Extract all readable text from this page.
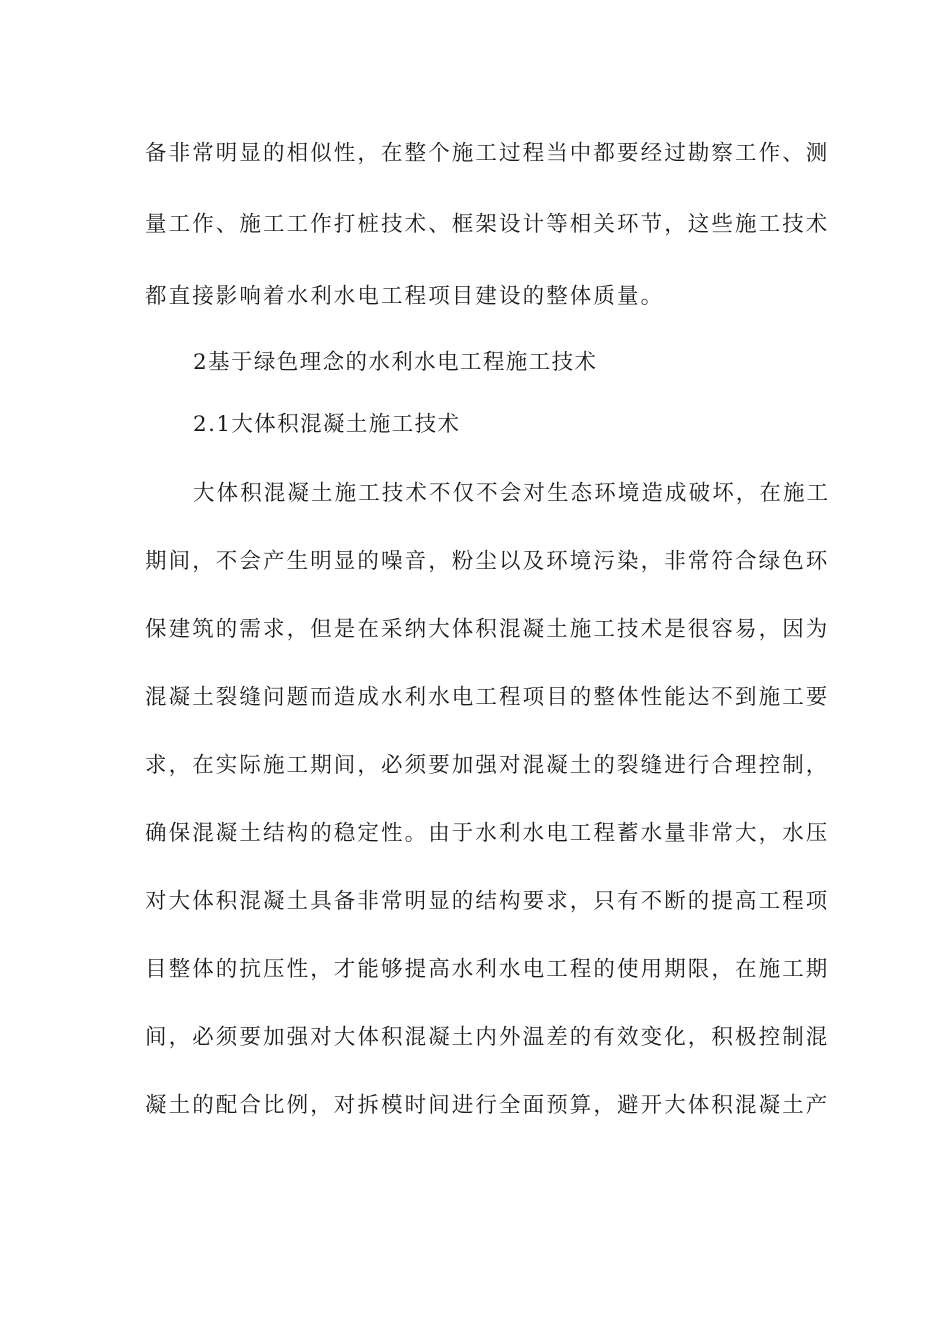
备非常明显的相似性，在整个施工过程当中都要经过勘察工作、测
量工作、施工工作打桩技术、框架设计等相关环节，这些施工技术
都直接影响着水利水电工程项目建设的整体质量。
2基于绿色理念的水利水电工程施工技术
2.1大体积混凝土施工技术
大体积混凝土施工技术不仅不会对生态环境造成破坏，在施工
期间，不会产生明显的噪音，粉尘以及环境污染，非常符合绿色环
保建筑的需求，但是在采纳大体积混凝土施工技术是很容易，因为
混凝土裂缝问题而造成水利水电工程项目的整体性能达不到施工要
求，在实际施工期间，必须要加强对混凝土的裂缝进行合理控制，
确保混凝土结构的稳定性。由于水利水电工程蓄水量非常大，水压
对大体积混凝土具备非常明显的结构要求，只有不断的提高工程项
目整体的抗压性，才能够提高水利水电工程的使用期限，在施工期
间，必须要加强对大体积混凝土内外温差的有效变化，积极控制混
凝土的配合比例，对拆模时间进行全面预算，避开大体积混凝土产
